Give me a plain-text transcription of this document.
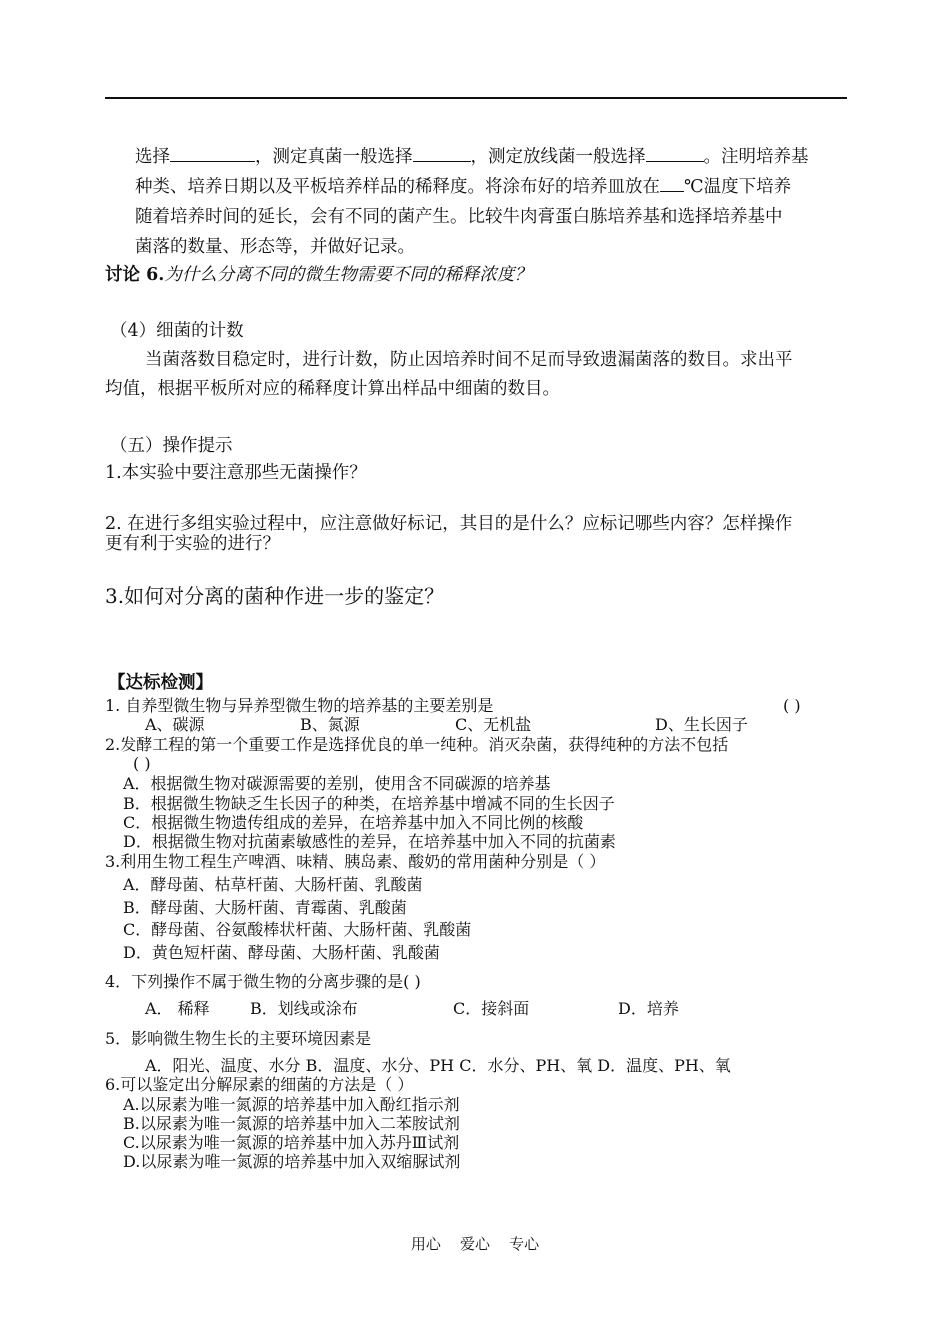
选择	，测定真菌一般选择	，测定放线菌一般选择	。注明培养基
种类、培养日期以及平板培养样品的稀释度。将涂布好的培养皿放在 ℃温度下培养
随着培养时间的延长，会有不同的菌产生。比较牛肉膏蛋白胨培养基和选择培养基中
菌落的数量、形态等，并做好记录。
讨论 6.为什么分离不同的微生物需要不同的稀释浓度？
（4）细菌的计数
当菌落数目稳定时，进行计数，防止因培养时间不足而导致遗漏菌落的数目。求出平
均值，根据平板所对应的稀释度计算出样品中细菌的数目。
（五）操作提示
1.本实验中要注意那些无菌操作？
2. 在进行多组实验过程中，应注意做好标记，其目的是什么？应标记哪些内容？怎样操作
更有利于实验的进行？
3.如何对分离的菌种作进一步的鉴定？
【达标检测】
1. 自养型微生物与异养型微生物的培养基的主要差别是	( )
A、碳源	B、氮源	C、无机盐	D、生长因子
2.发酵工程的第一个重要工作是选择优良的单一纯种。消灭杂菌，获得纯种的方法不包括
( )
A．根据微生物对碳源需要的差别，使用含不同碳源的培养基
B．根据微生物缺乏生长因子的种类，在培养基中增减不同的生长因子
C．根据微生物遗传组成的差异，在培养基中加入不同比例的核酸
D．根据微生物对抗菌素敏感性的差异，在培养基中加入不同的抗菌素
3.利用生物工程生产啤酒、味精、胰岛素、酸奶的常用菌种分别是（ ）
A．酵母菌、枯草杆菌、大肠杆菌、乳酸菌
B．酵母菌、大肠杆菌、青霉菌、乳酸菌
C．酵母菌、谷氨酸棒状杆菌、大肠杆菌、乳酸菌
D．黄色短杆菌、酵母菌、大肠杆菌、乳酸菌
4．下列操作不属于微生物的分离步骤的是( )
A． 稀释	B．划线或涂布	C．接斜面	D．培养
5．影响微生物生长的主要环境因素是
A．阳光、温度、水分 B．温度、水分、PH C．水分、PH、氧 D．温度、PH、氧
6.可以鉴定出分解尿素的细菌的方法是（ ）
A.以尿素为唯一氮源的培养基中加入酚红指示剂
B.以尿素为唯一氮源的培养基中加入二苯胺试剂
C.以尿素为唯一氮源的培养基中加入苏丹Ⅲ试剂
D.以尿素为唯一氮源的培养基中加入双缩脲试剂
用心    爱心    专心
